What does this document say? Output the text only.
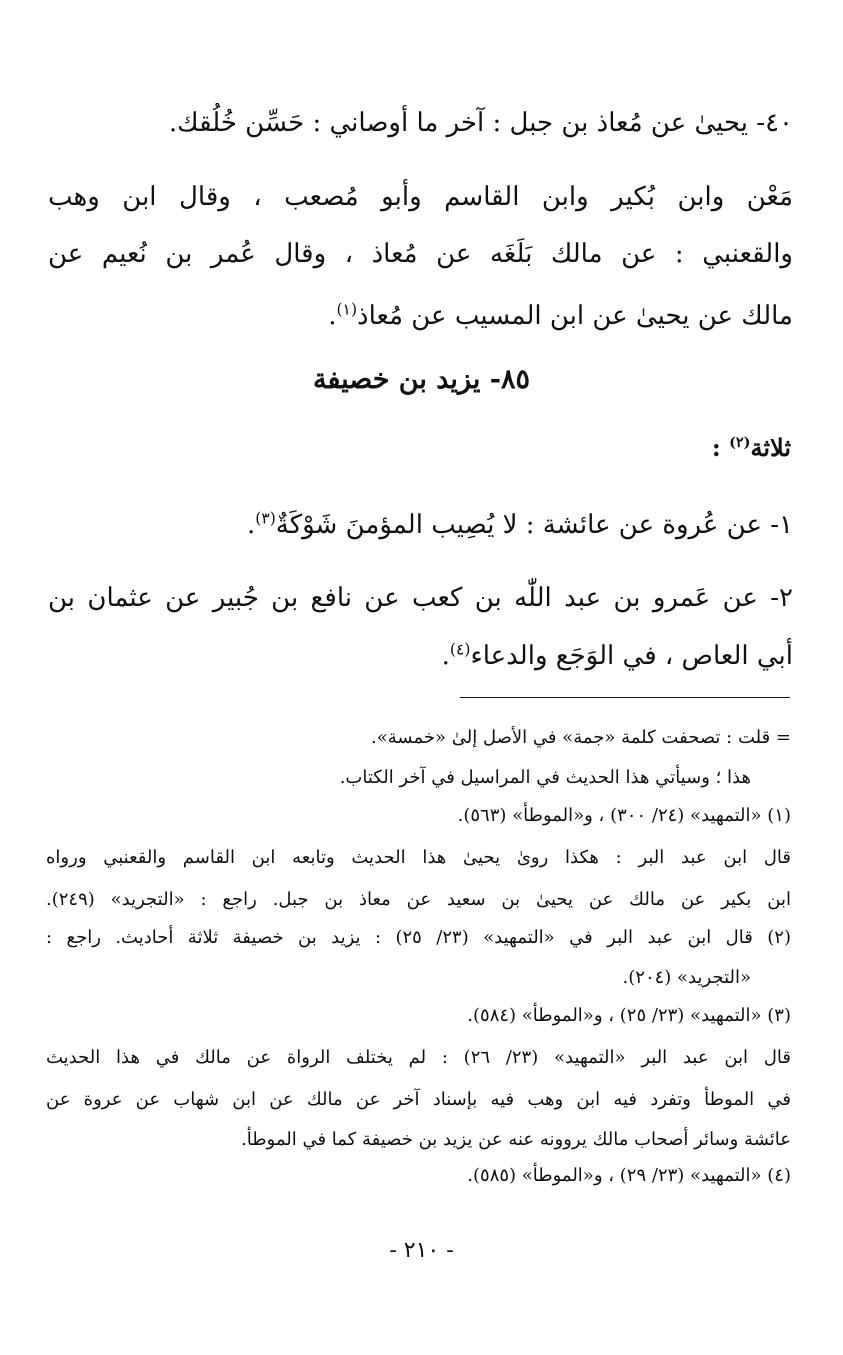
٤٠- يحيىٰ عن مُعاذ بن جبل : آخر ما أوصاني : حَسِّن خُلُقك.
مَعْن وابن بُكير وابن القاسم وأبو مُصعب ، وقال ابن وهب
والقعنبي : عن مالك بَلَغَه عن مُعاذ ، وقال عُمر بن نُعيم عن
مالك عن يحيىٰ عن ابن المسيب عن مُعاذ$^{(١)}$.
٨٥- يزيد بن خصيفة
ثلاثة$^{(٢)}$ :
١- عن عُروة عن عائشة : لا يُصِيب المؤمنَ شَوْكَةٌ$^{(٣)}$.
٢- عن عَمرو بن عبد اللّٰه بن كعب عن نافع بن جُبير عن عثمان بن
أبي العاص ، في الوَجَع والدعاء$^{(٤)}$.
= قلت : تصحفت كلمة «جمة» في الأصل إلىٰ «خمسة».
هذا ؛ وسيأتي هذا الحديث في المراسيل في آخر الكتاب.
(١) «التمهيد» (٢٤/ ٣٠٠) ، و«الموطأ» (٥٦٣).
قال ابن عبد البر : هكذا روىٰ يحيىٰ هذا الحديث وتابعه ابن القاسم والقعنبي ورواه
ابن بكير عن مالك عن يحيىٰ بن سعيد عن معاذ بن جبل. راجع : «التجريد» (٢٤٩).
(٢) قال ابن عبد البر في «التمهيد» (٢٣/ ٢٥) : يزيد بن خصيفة ثلاثة أحاديث. راجع :
«التجريد» (٢٠٤).
(٣) «التمهيد» (٢٣/ ٢٥) ، و«الموطأ» (٥٨٤).
قال ابن عبد البر «التمهيد» (٢٣/ ٢٦) : لم يختلف الرواة عن مالك في هذا الحديث
في الموطأ وتفرد فيه ابن وهب فيه بإسناد آخر عن مالك عن ابن شهاب عن عروة عن
عائشة وسائر أصحاب مالك يروونه عنه عن يزيد بن خصيفة كما في الموطأ.
(٤) «التمهيد» (٢٣/ ٢٩) ، و«الموطأ» (٥٨٥).
- ٢١٠ -
